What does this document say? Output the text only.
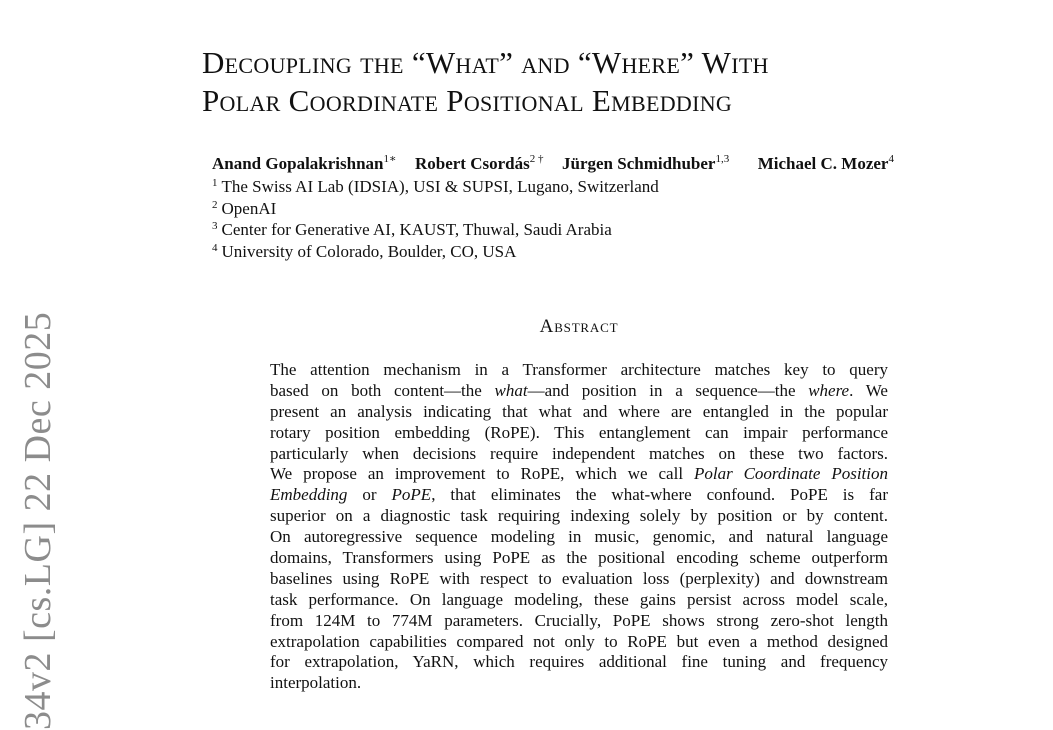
34v2 [cs.LG] 22 Dec 2025
Decoupling the “What” and “Where” With
Polar Coordinate Positional Embedding
Anand Gopalakrishnan$^{1∗}$ Robert Csordás$^{2 \dagger}$ Jürgen Schmidhuber$^{1,3}$ Michael C. Mozer$^4$
$^1$ The Swiss AI Lab (IDSIA), USI & SUPSI, Lugano, Switzerland
$^2$ OpenAI
$^3$ Center for Generative AI, KAUST, Thuwal, Saudi Arabia
$^4$ University of Colorado, Boulder, CO, USA
Abstract
The attention mechanism in a Transformer architecture matches key to query
based on both content—the what—and position in a sequence—the where. We
present an analysis indicating that what and where are entangled in the popular
rotary position embedding (RoPE). This entanglement can impair performance
particularly when decisions require independent matches on these two factors.
We propose an improvement to RoPE, which we call Polar Coordinate Position
Embedding or PoPE, that eliminates the what-where confound. PoPE is far
superior on a diagnostic task requiring indexing solely by position or by content.
On autoregressive sequence modeling in music, genomic, and natural language
domains, Transformers using PoPE as the positional encoding scheme outperform
baselines using RoPE with respect to evaluation loss (perplexity) and downstream
task performance. On language modeling, these gains persist across model scale,
from 124M to 774M parameters. Crucially, PoPE shows strong zero-shot length
extrapolation capabilities compared not only to RoPE but even a method designed
for extrapolation, YaRN, which requires additional fine tuning and frequency
interpolation.
